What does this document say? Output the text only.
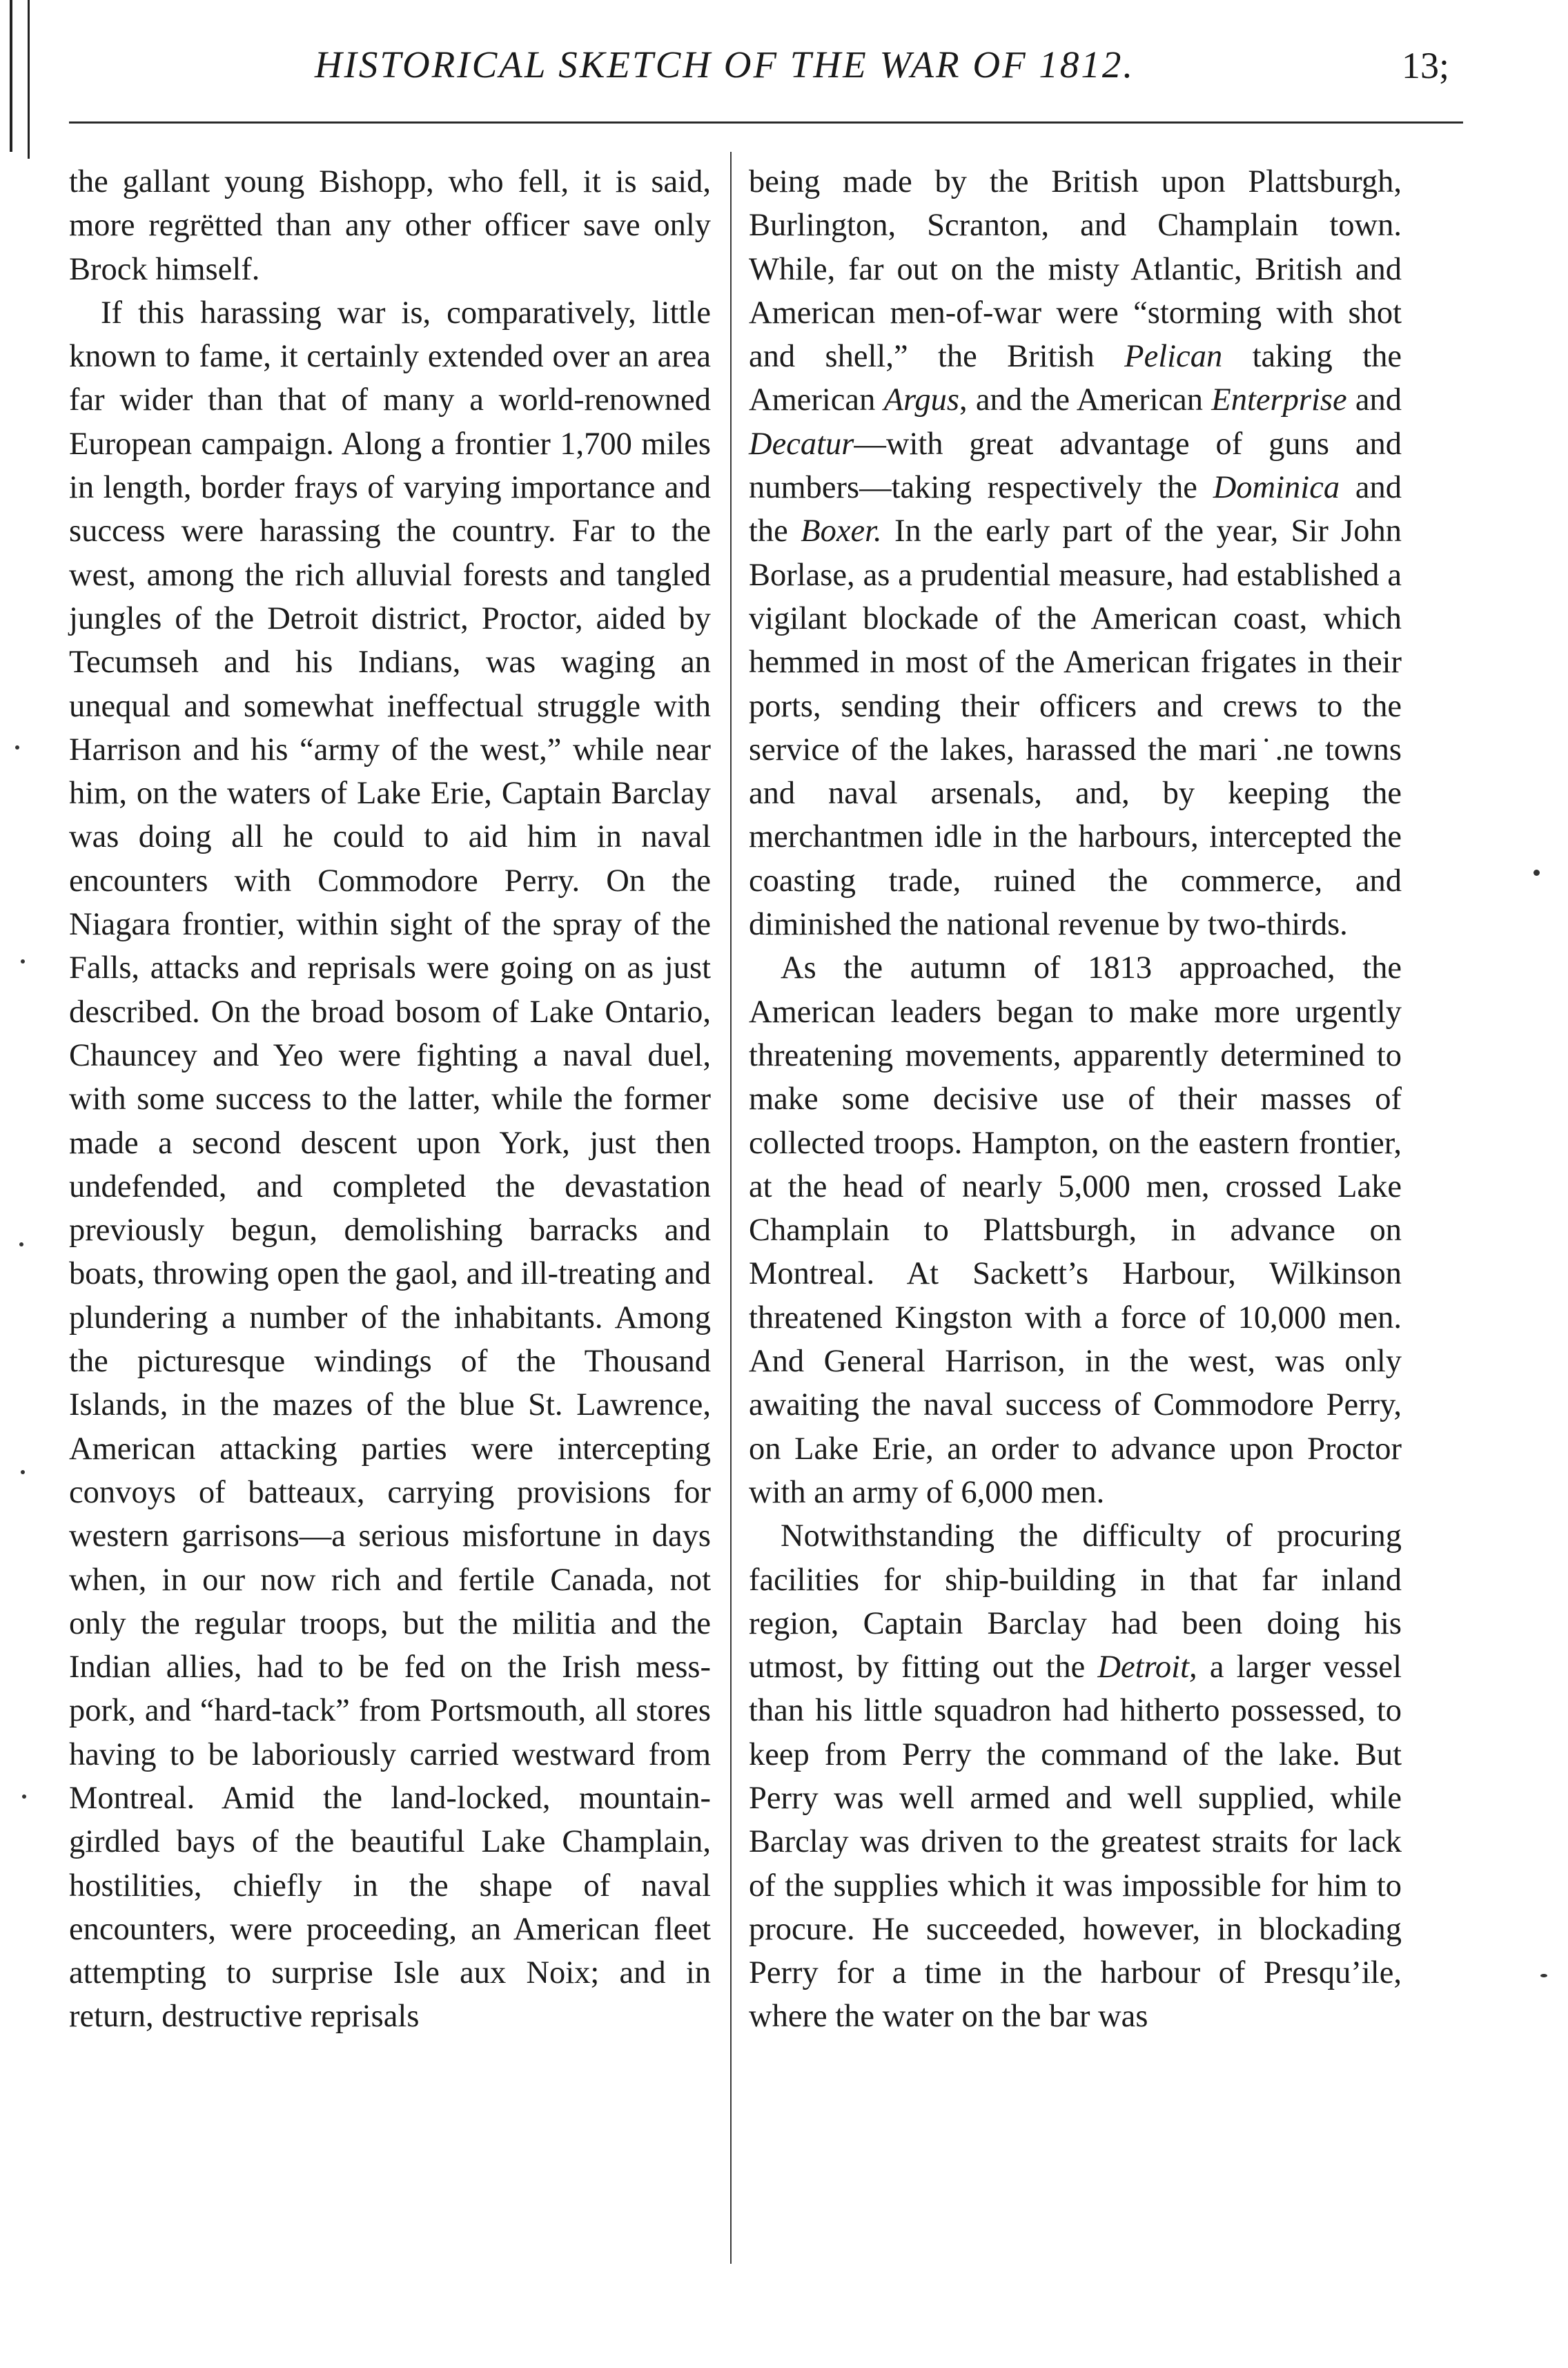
HISTORICAL SKETCH OF THE WAR OF 1812.	13;

the gallant young Bishopp, who fell, it is said, more regrëtted than any other officer save only Brock himself.

If this harassing war is, comparatively, little known to fame, it certainly extended over an area far wider than that of many a world-renowned European campaign. Along a frontier 1,700 miles in length, border frays of varying importance and success were harassing the country. Far to the west, among the rich alluvial forests and tangled jungles of the Detroit district, Proctor, aided by Tecumseh and his Indians, was waging an unequal and somewhat ineffectual struggle with Harrison and his “army of the west,” while near him, on the waters of Lake Erie, Captain Barclay was doing all he could to aid him in naval encounters with Commodore Perry. On the Niagara frontier, within sight of the spray of the Falls, attacks and reprisals were going on as just described. On the broad bosom of Lake Ontario, Chauncey and Yeo were fighting a naval duel, with some success to the latter, while the former made a second descent upon York, just then undefended, and completed the devastation previously begun, demolishing barracks and boats, throwing open the gaol, and ill-treating and plundering a number of the inhabitants. Among the picturesque windings of the Thousand Islands, in the mazes of the blue St. Lawrence, American attacking parties were intercepting convoys of batteaux, carrying provisions for western garrisons—a serious misfortune in days when, in our now rich and fertile Canada, not only the regular troops, but the militia and the Indian allies, had to be fed on the Irish mess-pork, and “hard-tack” from Portsmouth, all stores having to be laboriously carried westward from Montreal. Amid the land-locked, mountain-girdled bays of the beautiful Lake Champlain, hostilities, chiefly in the shape of naval encounters, were proceeding, an American fleet attempting to surprise Isle aux Noix; and in return, destructive reprisals

being made by the British upon Plattsburgh, Burlington, Scranton, and Champlain town. While, far out on the misty Atlantic, British and American men-of-war were “storming with shot and shell,” the British Pelican taking the American Argus, and the American Enterprise and Decatur—with great advantage of guns and numbers—taking respectively the Dominica and the Boxer. In the early part of the year, Sir John Borlase, as a prudential measure, had established a vigilant blockade of the American coast, which hemmed in most of the American frigates in their ports, sending their officers and crews to the service of the lakes, harassed the mari˙.ne towns and naval arsenals, and, by keeping the merchantmen idle in the harbours, intercepted the coasting trade, ruined the commerce, and diminished the national revenue by two-thirds.

As the autumn of 1813 approached, the American leaders began to make more urgently threatening movements, apparently determined to make some decisive use of their masses of collected troops. Hampton, on the eastern frontier, at the head of nearly 5,000 men, crossed Lake Champlain to Plattsburgh, in advance on Montreal. At Sackett’s Harbour, Wilkinson threatened Kingston with a force of 10,000 men. And General Harrison, in the west, was only awaiting the naval success of Commodore Perry, on Lake Erie, an order to advance upon Proctor with an army of 6,000 men.

Notwithstanding the difficulty of procuring facilities for ship-building in that far inland region, Captain Barclay had been doing his utmost, by fitting out the Detroit, a larger vessel than his little squadron had hitherto possessed, to keep from Perry the command of the lake. But Perry was well armed and well supplied, while Barclay was driven to the greatest straits for lack of the supplies which it was impossible for him to procure. He succeeded, however, in blockading Perry for a time in the harbour of Presqu’ile, where the water on the bar was
